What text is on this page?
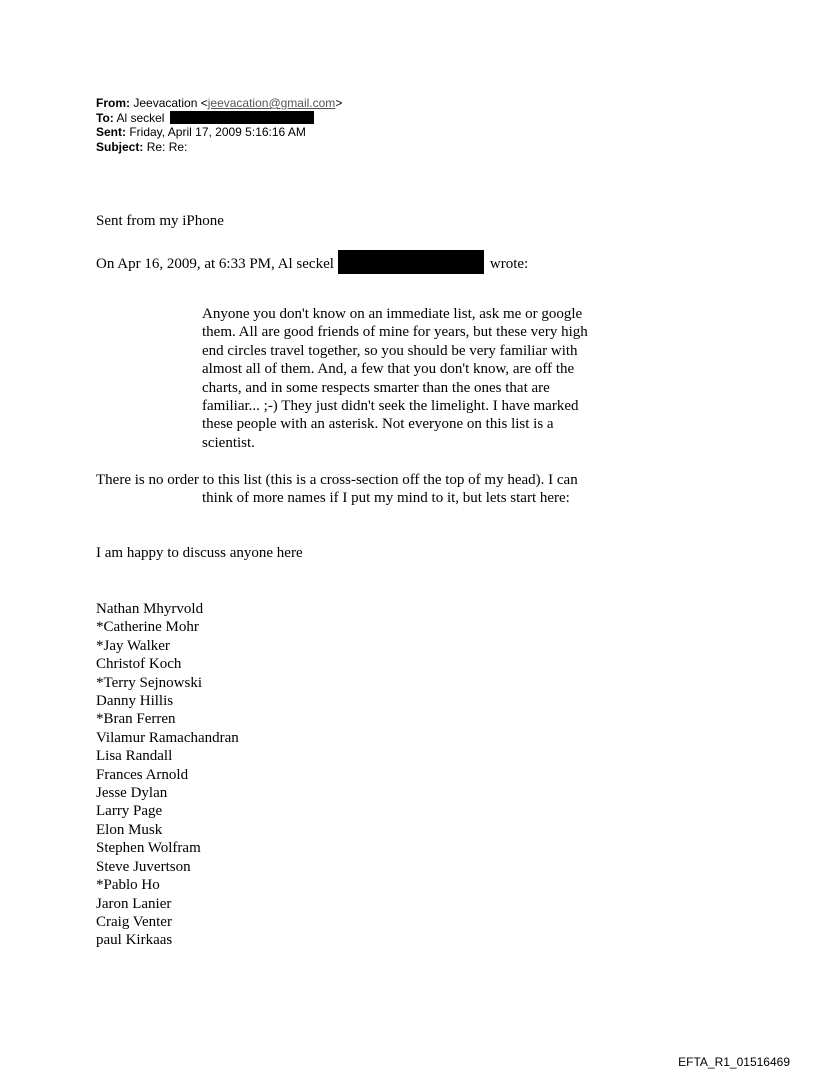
From: Jeevacation <jeevacation@gmail.com>
To: Al seckel
Sent: Friday, April 17, 2009 5:16:16 AM
Subject: Re: Re:
Sent from my iPhone
On Apr 16, 2009, at 6:33 PM, Al seckel	wrote:
Anyone you don't know on an immediate list, ask me or google
them. All are good friends of mine for years, but these very high
end circles travel together, so you should be very familiar with
almost all of them. And, a few that you don't know, are off the
charts, and in some respects smarter than the ones that are
familiar... ;-) They just didn't seek the limelight. I have marked
these people with an asterisk. Not everyone on this list is a
scientist.
There is no order to this list (this is a cross-section off the top of my head). I can
think of more names if I put my mind to it, but lets start here:
I am happy to discuss anyone here
Nathan Mhyrvold
*Catherine Mohr
*Jay Walker
Christof Koch
*Terry Sejnowski
Danny Hillis
*Bran Ferren
Vilamur Ramachandran
Lisa Randall
Frances Arnold
Jesse Dylan
Larry Page
Elon Musk
Stephen Wolfram
Steve Juvertson
*Pablo Ho
Jaron Lanier
Craig Venter
paul Kirkaas
EFTA_R1_01516469
